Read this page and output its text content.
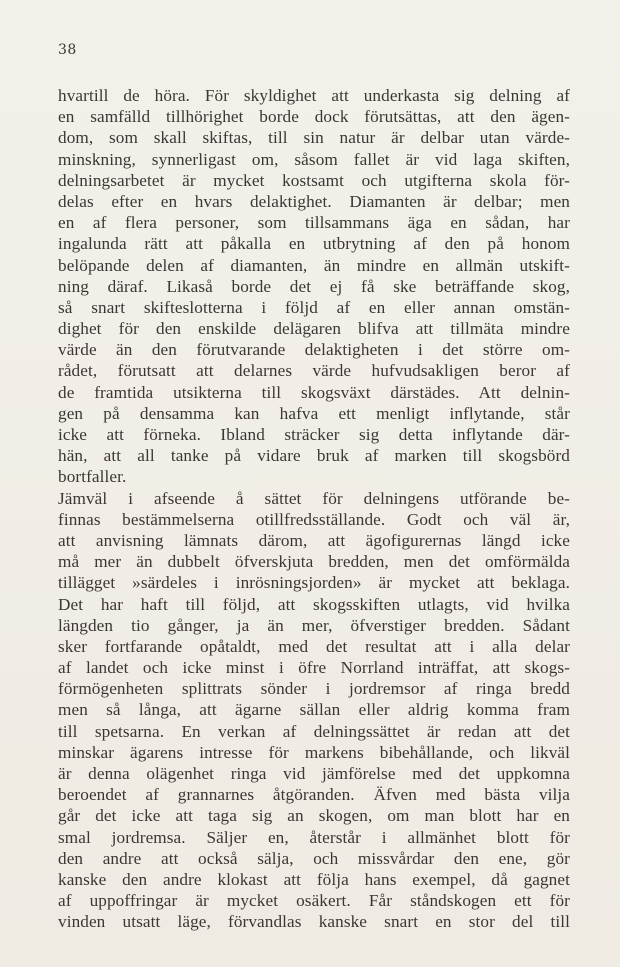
38
hvartill de höra. För skyldighet att underkasta sig delning af
en samfälld tillhörighet borde dock förutsättas, att den ägen-
dom, som skall skiftas, till sin natur är delbar utan värde-
minskning, synnerligast om, såsom fallet är vid laga skiften,
delningsarbetet är mycket kostsamt och utgifterna skola för-
delas efter en hvars delaktighet. Diamanten är delbar; men
en af flera personer, som tillsammans äga en sådan, har
ingalunda rätt att påkalla en utbrytning af den på honom
belöpande delen af diamanten, än mindre en allmän utskift-
ning däraf. Likaså borde det ej få ske beträffande skog,
så snart skifteslotterna i följd af en eller annan omstän-
dighet för den enskilde delägaren blifva att tillmäta mindre
värde än den förutvarande delaktigheten i det större om-
rådet, förutsatt att delarnes värde hufvudsakligen beror af
de framtida utsikterna till skogsväxt därstädes. Att delnin-
gen på densamma kan hafva ett menligt inflytande, står
icke att förneka. Ibland sträcker sig detta inflytande där-
hän, att all tanke på vidare bruk af marken till skogsbörd
bortfaller.
Jämväl i afseende å sättet för delningens utförande be-
finnas bestämmelserna otillfredsställande. Godt och väl är,
att anvisning lämnats därom, att ägofigurernas längd icke
må mer än dubbelt öfverskjuta bredden, men det omförmälda
tillägget »särdeles i inrösningsjorden» är mycket att beklaga.
Det har haft till följd, att skogsskiften utlagts, vid hvilka
längden tio gånger, ja än mer, öfverstiger bredden. Sådant
sker fortfarande opåtaldt, med det resultat att i alla delar
af landet och icke minst i öfre Norrland inträffat, att skogs-
förmögenheten splittrats sönder i jordremsor af ringa bredd
men så långa, att ägarne sällan eller aldrig komma fram
till spetsarna. En verkan af delningssättet är redan att det
minskar ägarens intresse för markens bibehållande, och likväl
är denna olägenhet ringa vid jämförelse med det uppkomna
beroendet af grannarnes åtgöranden. Äfven med bästa vilja
går det icke att taga sig an skogen, om man blott har en
smal jordremsa. Säljer en, återstår i allmänhet blott för
den andre att också sälja, och missvårdar den ene, gör
kanske den andre klokast att följa hans exempel, då gagnet
af uppoffringar är mycket osäkert. Får ståndskogen ett för
vinden utsatt läge, förvandlas kanske snart en stor del till
